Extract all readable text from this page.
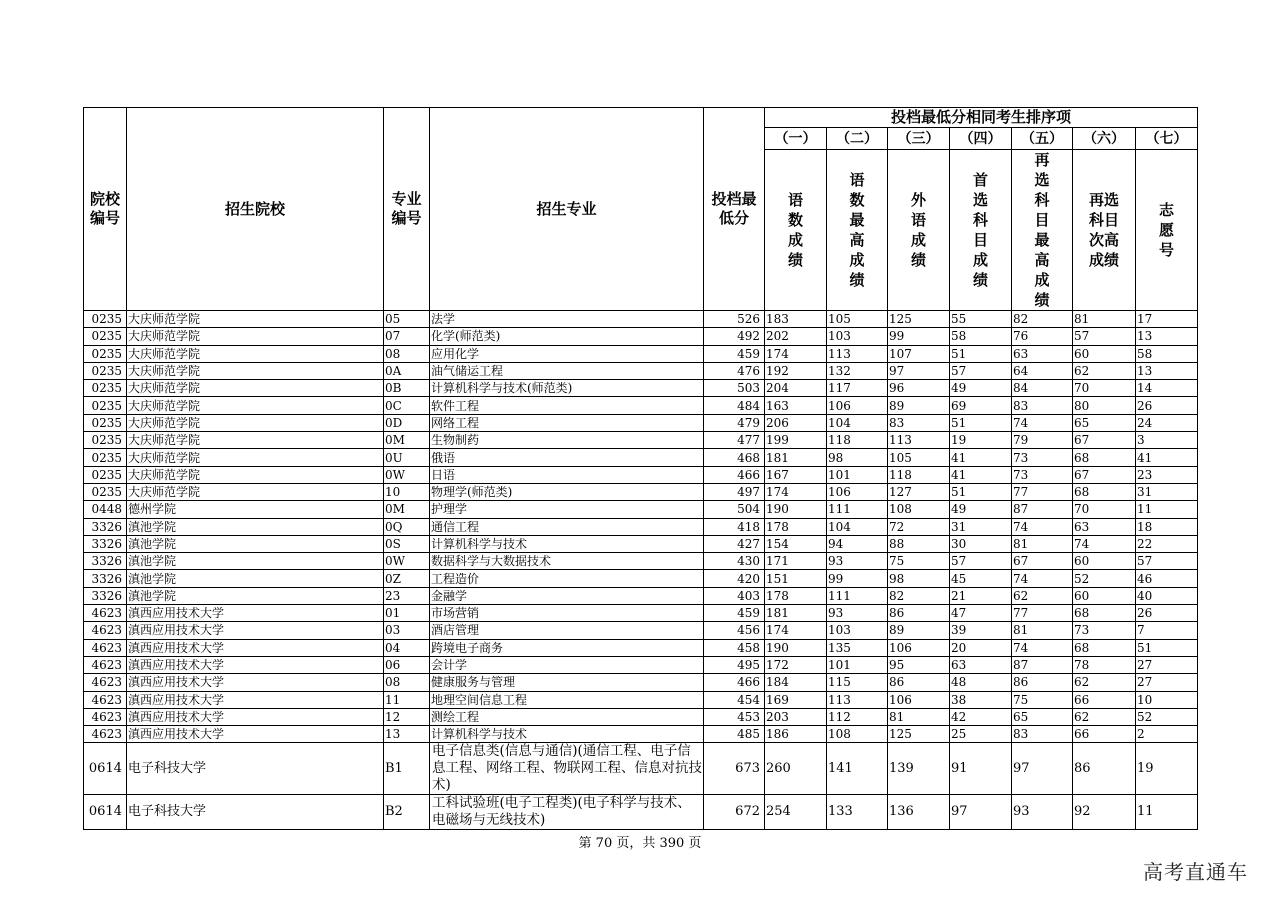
院校编号	招生院校	专业编号	招生专业	投档最低分	投档最低分相同考生排序项						
					（一）	（二）	（三）	（四）	（五）	（六）	（七）
					语数成绩	语数最高成绩	外语成绩	首选科目成绩	再选科目最高成绩	再选科目次高成绩	志愿号
0235	大庆师范学院	05	法学	526	183	105	125	55	82	81	17
0235	大庆师范学院	07	化学(师范类)	492	202	103	99	58	76	57	13
0235	大庆师范学院	08	应用化学	459	174	113	107	51	63	60	58
0235	大庆师范学院	0A	油气储运工程	476	192	132	97	57	64	62	13
0235	大庆师范学院	0B	计算机科学与技术(师范类)	503	204	117	96	49	84	70	14
0235	大庆师范学院	0C	软件工程	484	163	106	89	69	83	80	26
0235	大庆师范学院	0D	网络工程	479	206	104	83	51	74	65	24
0235	大庆师范学院	0M	生物制药	477	199	118	113	19	79	67	3
0235	大庆师范学院	0U	俄语	468	181	98	105	41	73	68	41
0235	大庆师范学院	0W	日语	466	167	101	118	41	73	67	23
0235	大庆师范学院	10	物理学(师范类)	497	174	106	127	51	77	68	31
0448	德州学院	0M	护理学	504	190	111	108	49	87	70	11
3326	滇池学院	0Q	通信工程	418	178	104	72	31	74	63	18
3326	滇池学院	0S	计算机科学与技术	427	154	94	88	30	81	74	22
3326	滇池学院	0W	数据科学与大数据技术	430	171	93	75	57	67	60	57
3326	滇池学院	0Z	工程造价	420	151	99	98	45	74	52	46
3326	滇池学院	23	金融学	403	178	111	82	21	62	60	40
4623	滇西应用技术大学	01	市场营销	459	181	93	86	47	77	68	26
4623	滇西应用技术大学	03	酒店管理	456	174	103	89	39	81	73	7
4623	滇西应用技术大学	04	跨境电子商务	458	190	135	106	20	74	68	51
4623	滇西应用技术大学	06	会计学	495	172	101	95	63	87	78	27
4623	滇西应用技术大学	08	健康服务与管理	466	184	115	86	48	86	62	27
4623	滇西应用技术大学	11	地理空间信息工程	454	169	113	106	38	75	66	10
4623	滇西应用技术大学	12	测绘工程	453	203	112	81	42	65	62	52
4623	滇西应用技术大学	13	计算机科学与技术	485	186	108	125	25	83	66	2
0614	电子科技大学	B1	电子信息类(信息与通信)(通信工程、电子信息工程、网络工程、物联网工程、信息对抗技术)	673	260	141	139	91	97	86	19
0614	电子科技大学	B2	工科试验班(电子工程类)(电子科学与技术、电磁场与无线技术)	672	254	133	136	97	93	92	11
第 70 页，共 390 页
高考直通车
